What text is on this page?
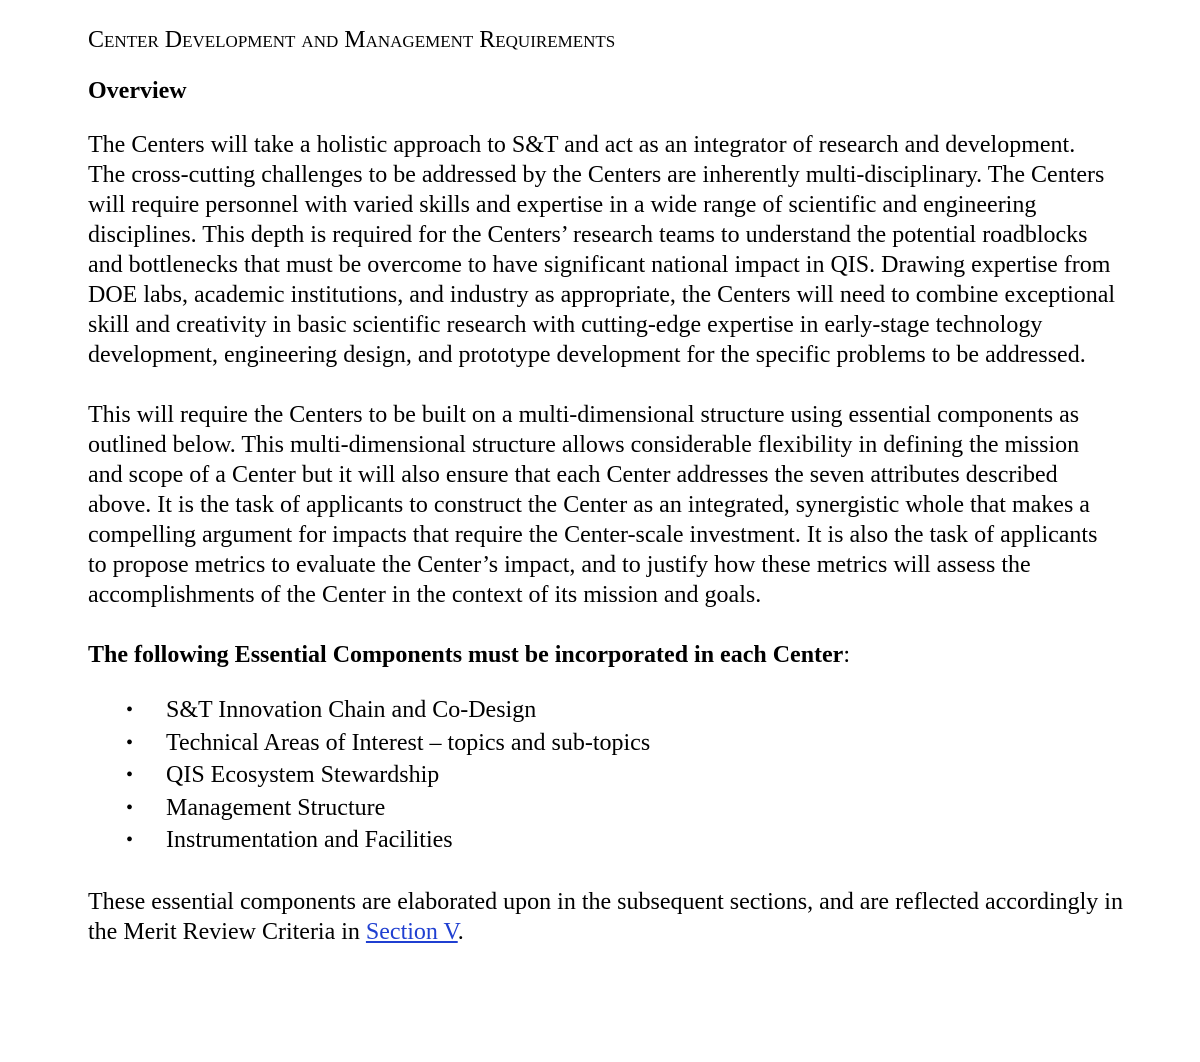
Center Development and Management Requirements
Overview

The Centers will take a holistic approach to S&T and act as an integrator of research and development. The cross-cutting challenges to be addressed by the Centers are inherently multi-disciplinary. The Centers will require personnel with varied skills and expertise in a wide range of scientific and engineering disciplines. This depth is required for the Centers’ research teams to understand the potential roadblocks and bottlenecks that must be overcome to have significant national impact in QIS. Drawing expertise from DOE labs, academic institutions, and industry as appropriate, the Centers will need to combine exceptional skill and creativity in basic scientific research with cutting-edge expertise in early-stage technology development, engineering design, and prototype development for the specific problems to be addressed.

This will require the Centers to be built on a multi-dimensional structure using essential components as outlined below. This multi-dimensional structure allows considerable flexibility in defining the mission and scope of a Center but it will also ensure that each Center addresses the seven attributes described above. It is the task of applicants to construct the Center as an integrated, synergistic whole that makes a compelling argument for impacts that require the Center-scale investment. It is also the task of applicants to propose metrics to evaluate the Center’s impact, and to justify how these metrics will assess the accomplishments of the Center in the context of its mission and goals.

The following Essential Components must be incorporated in each Center:
• S&T Innovation Chain and Co-Design
• Technical Areas of Interest – topics and sub-topics
• QIS Ecosystem Stewardship
• Management Structure
• Instrumentation and Facilities

These essential components are elaborated upon in the subsequent sections, and are reflected accordingly in the Merit Review Criteria in Section V.
